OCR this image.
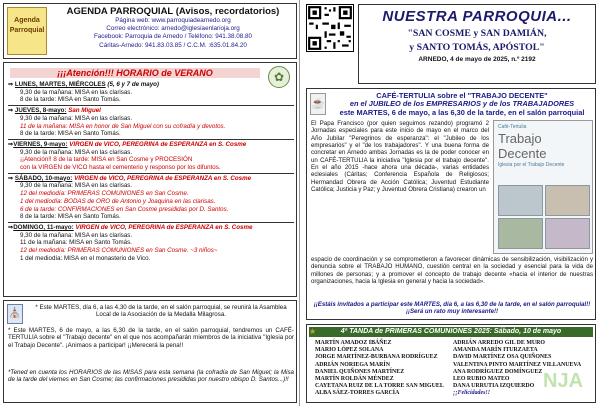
Agenda Parroquial
AGENDA PARROQUIAL (Avisos, recordatorios)
Página web: www.parroquiadearnedo.org
Correo electrónico: arnedo@iglesiaenlarioja.org
Facebook: Parroquia de Arnedo / Teléfono: 941.38.08.80
Cáritas-Arnedo: 941.83.03.85 / C.C.M. :635.01.84.20
¡¡¡Atención!!! HORARIO de VERANO	✿
⇒ LUNES, MARTES, MIÉRCOLES (5, 6 y 7 de mayo)
9,30 de la mañana: MISA en las clarisas.
8 de la tarde: MISA en Santo Tomás.
⇒ JUEVES, 8-mayo: San Miguel
9,30 de la mañana: MISA en las clarisas.
11 de la mañana: MISA en honor de San Miguel con su cofradía y devotos.
8 de la tarde: MISA en Santo Tomás.
⇒VIERNES, 9-mayo: VIRGEN de VICO, PEREGRINA de ESPERANZA en S. Cosme
9,30 de la mañana: MISA en las clarisas.
¡¡Atención!! 8 de la tarde: MISA en San Cosme y PROCESIÓN
con la VIRGEN de VICO hasta el cementerio y responso por los difuntos.
⇒ SÁBADO, 10-mayo: VIRGEN de VICO, PEREGRINA de ESPERANZA en S. Cosme
9,30 de la mañana: MISA en las clarisas.
12 del mediodía: PRIMERAS COMUNIONES en San Cosme.
1 del mediodía: BODAS de ORO de Antonio y Joaquina en las clarisas.
6 de la tarde: CONFIRMACIONES en San Cosme presididas por D. Santos.
8 de la tarde: MISA en Santo Tomás.
⇒DOMINGO, 11-mayo: VIRGEN de VICO, PEREGRINA de ESPERANZA en S. Cosme
9,30 de la mañana: MISA en las clarisas.
11 de la mañana: MISA en Santo Tomás.
12 del mediodía: PRIMERAS COMUNIONES en San Cosme. ~3 niños~
1 del mediodía: MISA en el monasterio de Vico.
⛪
* Este MARTES, día 6, a las 4,30 de la tarde, en el salón parroquial, se reunirá la Asamblea Local de la Asociación de la Medalla Milagrosa.
* Este MARTES, 6 de mayo, a las 6,30 de la tarde, en el salón parroquial, tendremos un CAFÉ-TERTULIA sobre el "Trabajo decente" en el que nos acompañarán miembros de la iniciativa "Iglesia por el Trabajo Decente". ¡Animaos a participar! ¡¡Merecerá la pena!!
*Tened en cuenta los HORARIOS de las MISAS para esta semana (la cofradía de San Miguel; la Misa de la tarde del viernes en San Cosme; las confirmaciones presididas por nuestro obispo D. Santos...)!!
NUESTRA PARROQUIA...
"SAN COSME y SAN DAMIÁN,
y SANTO TOMÁS, APÓSTOL"
ARNEDO, 4 de mayo de 2025, n.º 2192
☕
CAFÉ-TERTULIA sobre el "TRABAJO DECENTE"
en el JUBILEO de los EMPRESARIOS y de los TRABAJADORES
este MARTES, 6 de mayo, a las 6,30 de la tarde, en el salón parroquial
El Papa Francisco (por quien seguimos rezando) programó 2 Jornadas especiales para este inicio de mayo en el marco del Año Jubilar "Peregrinos de esperanza": el "Jubileo de los empresarios" y el "de los trabajadores". Y una buena forma de concretar en Arnedo ambas Jornadas es la de poder conocer en un CAFÉ-TERTULIA la iniciativa "Iglesia por el trabajo decente". En el año 2015 -hace ahora una década-, varias entidades eclesiales (Cáritas; Conferencia Española de Religiosos; Hermandad Obrera de Acción Católica; Juventud Estudiante Católica; Justicia y Paz; y Juventud Obrera Cristiana) crearon un
Café-Tertulia
Trabajo
Decente
Iglesia por el Trabajo Decente
espacio de coordinación y se comprometieron a favorecer dinámicas de sensibilización, visibilización y denuncia sobre el TRABAJO HUMANO, cuestión central en la sociedad y esencial para la vida de millones de personas; y a promover el concepto de trabajo decente «hacia el interior de nuestras organizaciones, hacia la Iglesia en general y hacia la sociedad».
¡¡Estáis invitados a participar este MARTES, día 6, a las 6,30 de la tarde, en el salón parroquial!! ¡¡Será un rato muy interesante!!
4ª TANDA de PRIMERAS COMUNIONES 2025: Sábado, 10 de mayo
★
MARTÍN AMADOZ IBÁÑEZ
MARIO LÓPEZ SOLANA
JORGE MARTÍNEZ-BURBANA RODRÍGUEZ
ADRIÁN NORIEGA MARÍN
DANIEL QUIÑONES MARTÍNEZ
MARTÍN ROLDÁN MÉNDEZ
CAYETANA RUIZ DE LA TORRE SAN MIGUEL
ALBA SÁEZ-TORRES GARCÍA
ADRIÁN ARREDO GIL DE MURO
AMANDA MARÍN ITURZAETA
DAVID MARTÍNEZ OSA QUIÑONES
VALENTINA PINTO MARTÍNEZ VILLANUEVA
ANA RODRÍGUEZ DOMÍNGUEZ
LEO RUBIO MATEO
DANA URRUTIA IZQUIERDO
¡¡Felicidades!!
NJA
